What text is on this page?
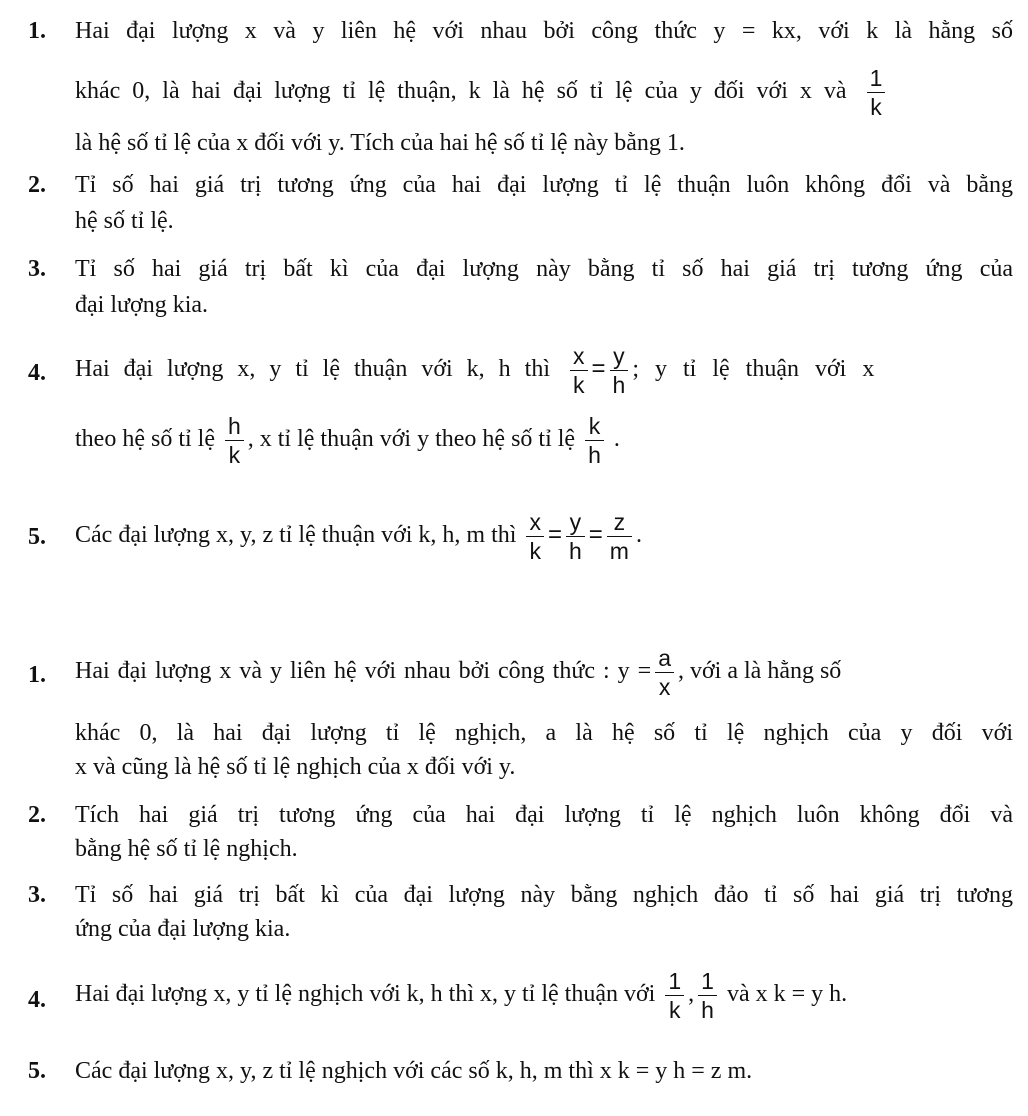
1. Hai đại lượng x và y liên hệ với nhau bởi công thức y = kx, với k là hằng số
khác 0, là hai đại lượng tỉ lệ thuận, k là hệ số tỉ lệ của y đối với x và $\frac{1}{k}$
là hệ số tỉ lệ của x đối với y. Tích của hai hệ số tỉ lệ này bằng 1.
2. Tỉ số hai giá trị tương ứng của hai đại lượng tỉ lệ thuận luôn không đổi và bằng
hệ số tỉ lệ.
3. Tỉ số hai giá trị bất kì của đại lượng này bằng tỉ số hai giá trị tương ứng của
đại lượng kia.
4. Hai đại lượng x, y tỉ lệ thuận với k, h thì $\frac{x}{k} = \frac{y}{h}$ ; y tỉ lệ thuận với x
theo hệ số tỉ lệ $\frac{h}{k}$ , x tỉ lệ thuận với y theo hệ số tỉ lệ $\frac{k}{h}$ .
5. Các đại lượng x, y, z tỉ lệ thuận với k, h, m thì $\frac{x}{k} = \frac{y}{h} = \frac{z}{m}$ .
1. Hai đại lượng x và y liên hệ với nhau bởi công thức : $y = \frac{a}{x}$ , với a là hằng số
khác 0, là hai đại lượng tỉ lệ nghịch, a là hệ số tỉ lệ nghịch của y đối với
x và cũng là hệ số tỉ lệ nghịch của x đối với y.
2. Tích hai giá trị tương ứng của hai đại lượng tỉ lệ nghịch luôn không đổi và
bằng hệ số tỉ lệ nghịch.
3. Tỉ số hai giá trị bất kì của đại lượng này bằng nghịch đảo tỉ số hai giá trị tương
ứng của đại lượng kia.
4. Hai đại lượng x, y tỉ lệ nghịch với k, h thì x, y tỉ lệ thuận với $\frac{1}{k}$ , $\frac{1}{h}$ và x k = y h.
5. Các đại lượng x, y, z tỉ lệ nghịch với các số k, h, m thì x k = y h = z m.
